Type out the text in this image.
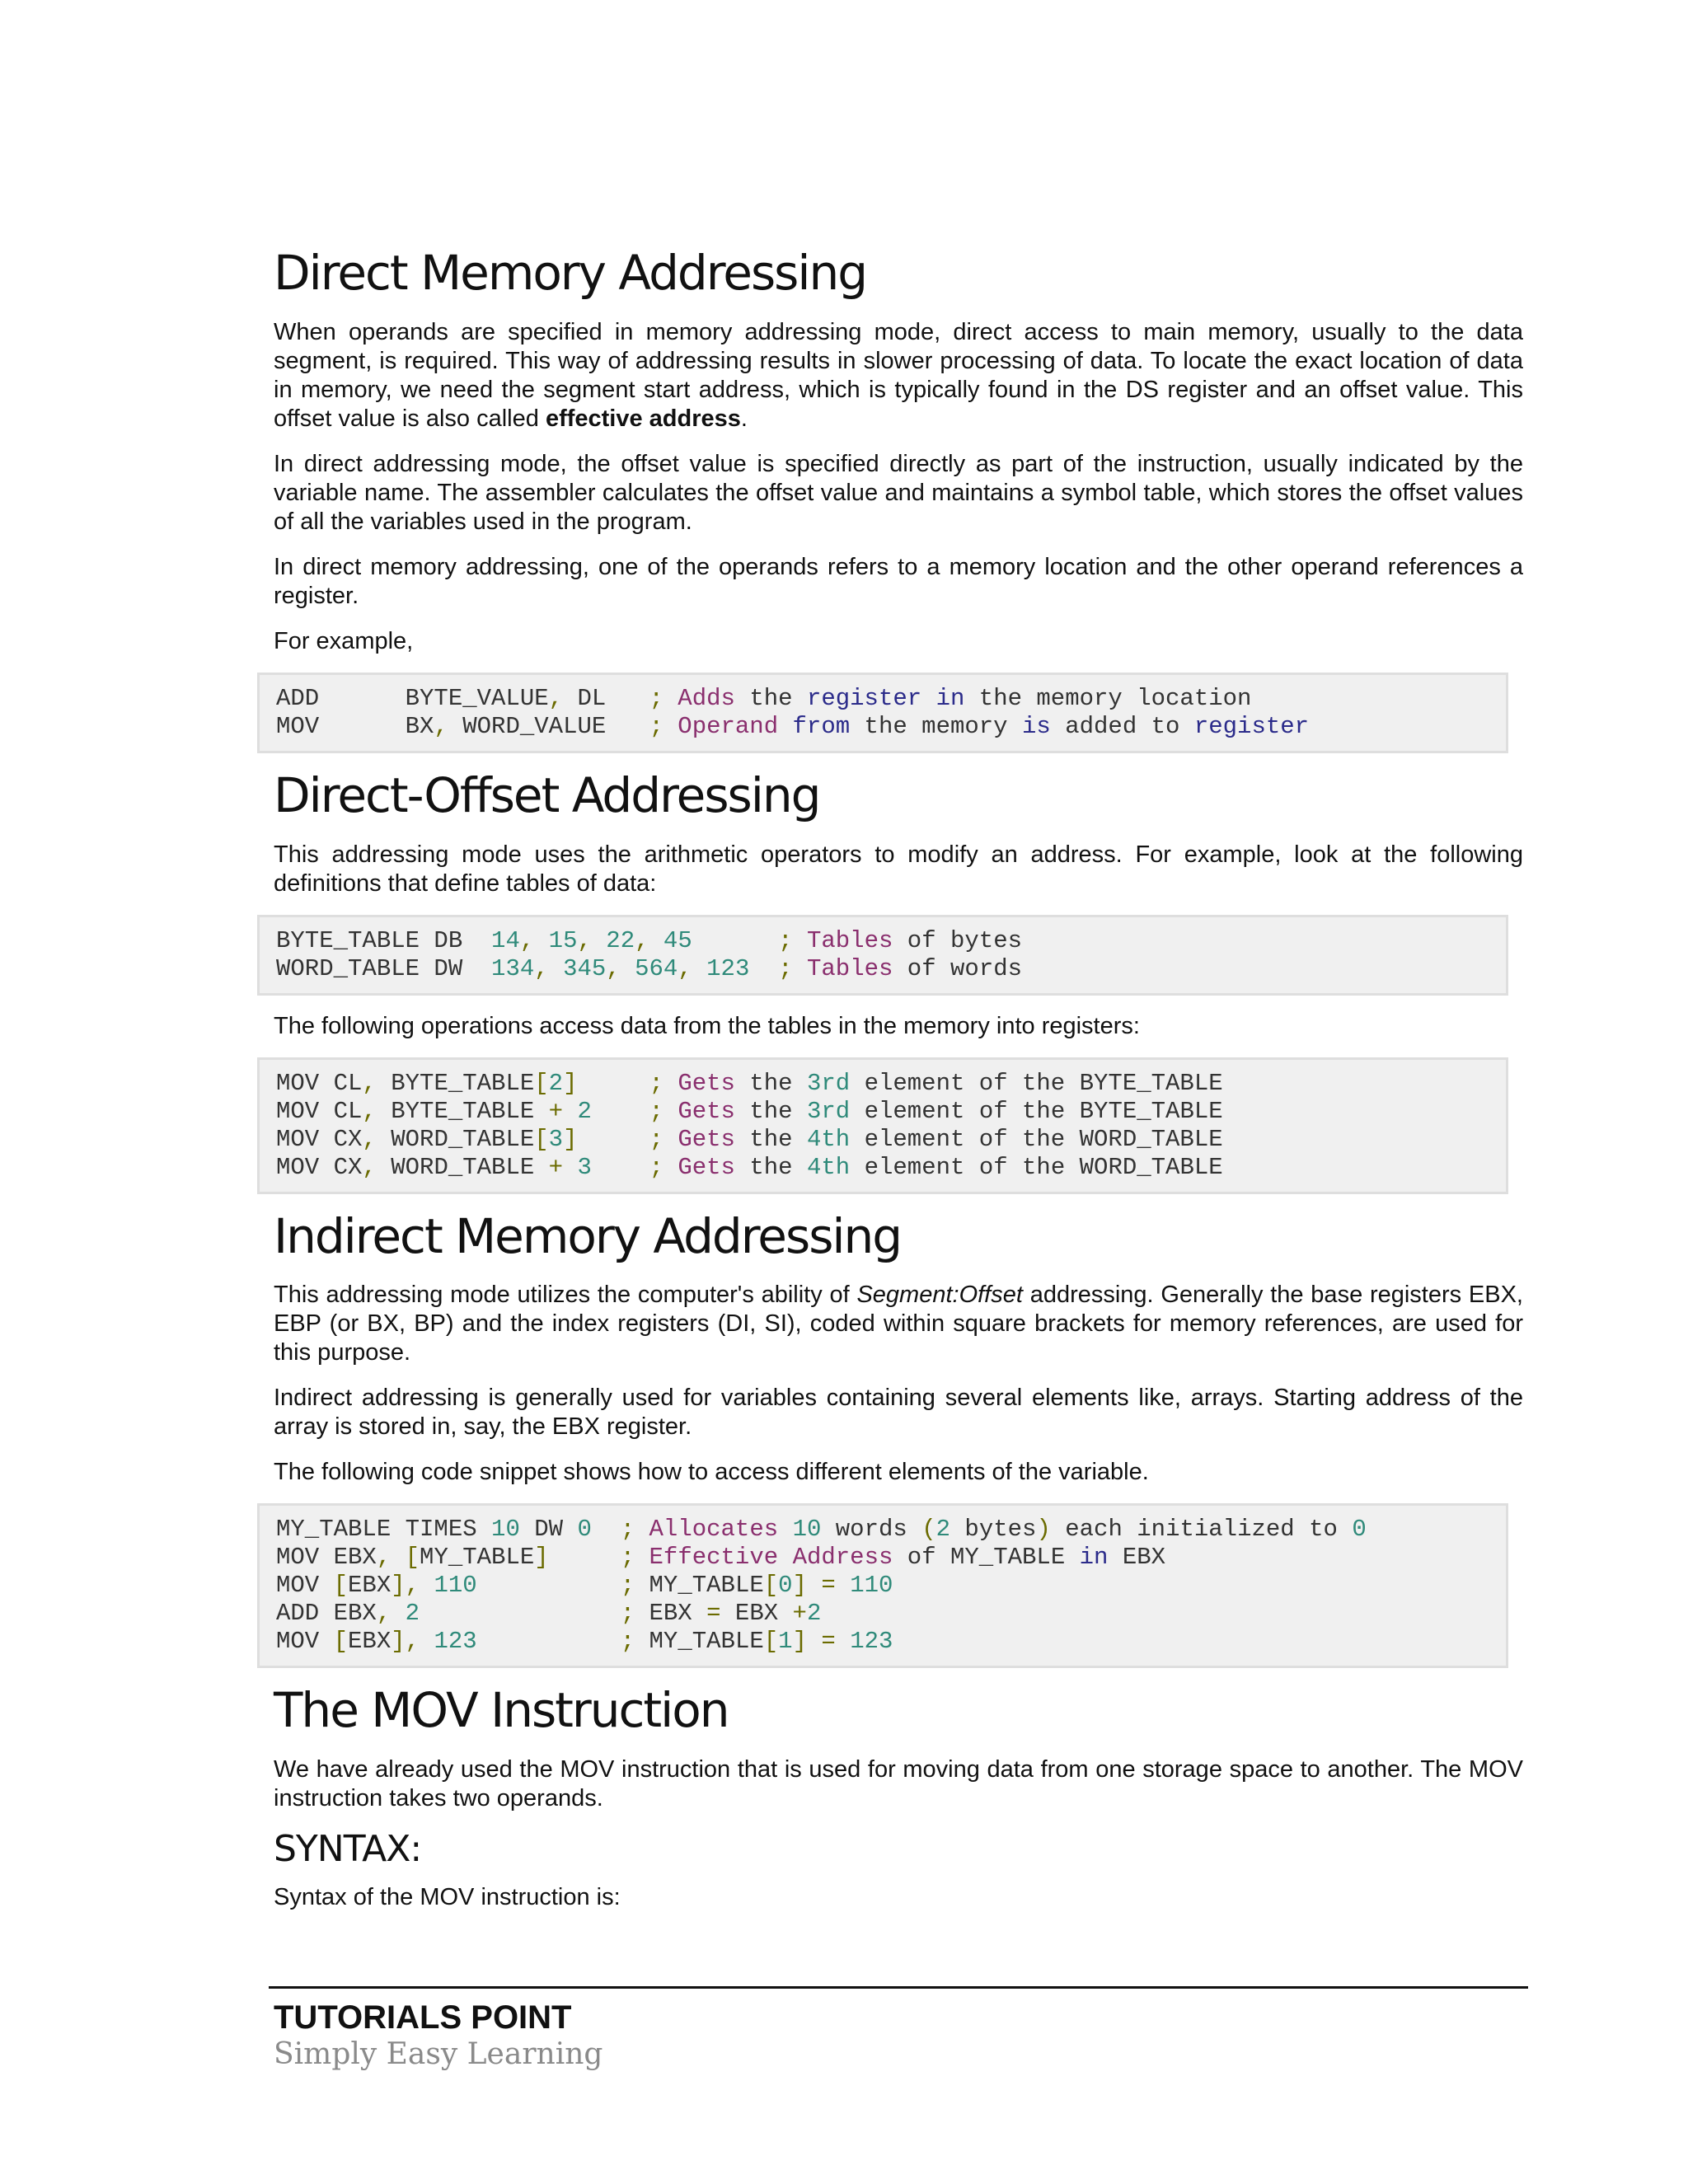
Direct Memory Addressing

When operands are specified in memory addressing mode, direct access to main memory, usually to the data segment, is required. This way of addressing results in slower processing of data. To locate the exact location of data in memory, we need the segment start address, which is typically found in the DS register and an offset value. This offset value is also called effective address.

In direct addressing mode, the offset value is specified directly as part of the instruction, usually indicated by the variable name. The assembler calculates the offset value and maintains a symbol table, which stores the offset values of all the variables used in the program.

In direct memory addressing, one of the operands refers to a memory location and the other operand references a register.

For example,

ADD      BYTE_VALUE, DL   ; Adds the register in the memory location
MOV      BX, WORD_VALUE   ; Operand from the memory is added to register
Direct-Offset Addressing

This addressing mode uses the arithmetic operators to modify an address. For example, look at the following definitions that define tables of data:

BYTE_TABLE DB  14, 15, 22, 45	; Tables of bytes
WORD_TABLE DW  134, 345, 564, 123 ; Tables of words

The following operations access data from the tables in the memory into registers:

MOV CL, BYTE_TABLE[2]	; Gets the 3rd element of the BYTE_TABLE
MOV CL, BYTE_TABLE + 2 ; Gets the 3rd element of the BYTE_TABLE
MOV CX, WORD_TABLE[3]	; Gets the 4th element of the WORD_TABLE
MOV CX, WORD_TABLE + 3 ; Gets the 4th element of the WORD_TABLE
Indirect Memory Addressing

This addressing mode utilizes the computer's ability of Segment:Offset addressing. Generally the base registers EBX, EBP (or BX, BP) and the index registers (DI, SI), coded within square brackets for memory references, are used for this purpose.

Indirect addressing is generally used for variables containing several elements like, arrays. Starting address of the array is stored in, say, the EBX register.

The following code snippet shows how to access different elements of the variable.

MY_TABLE TIMES 10 DW 0 ; Allocates 10 words (2 bytes) each initialized to 0
MOV EBX, [MY_TABLE]	; Effective Address of MY_TABLE in EBX
MOV [EBX], 110	; MY_TABLE[0] = 110
ADD EBX, 2	; EBX = EBX +2
MOV [EBX], 123	; MY_TABLE[1] = 123
The MOV Instruction

We have already used the MOV instruction that is used for moving data from one storage space to another. The MOV instruction takes two operands.

SYNTAX:

Syntax of the MOV instruction is:

TUTORIALS POINT
Simply Easy Learning
